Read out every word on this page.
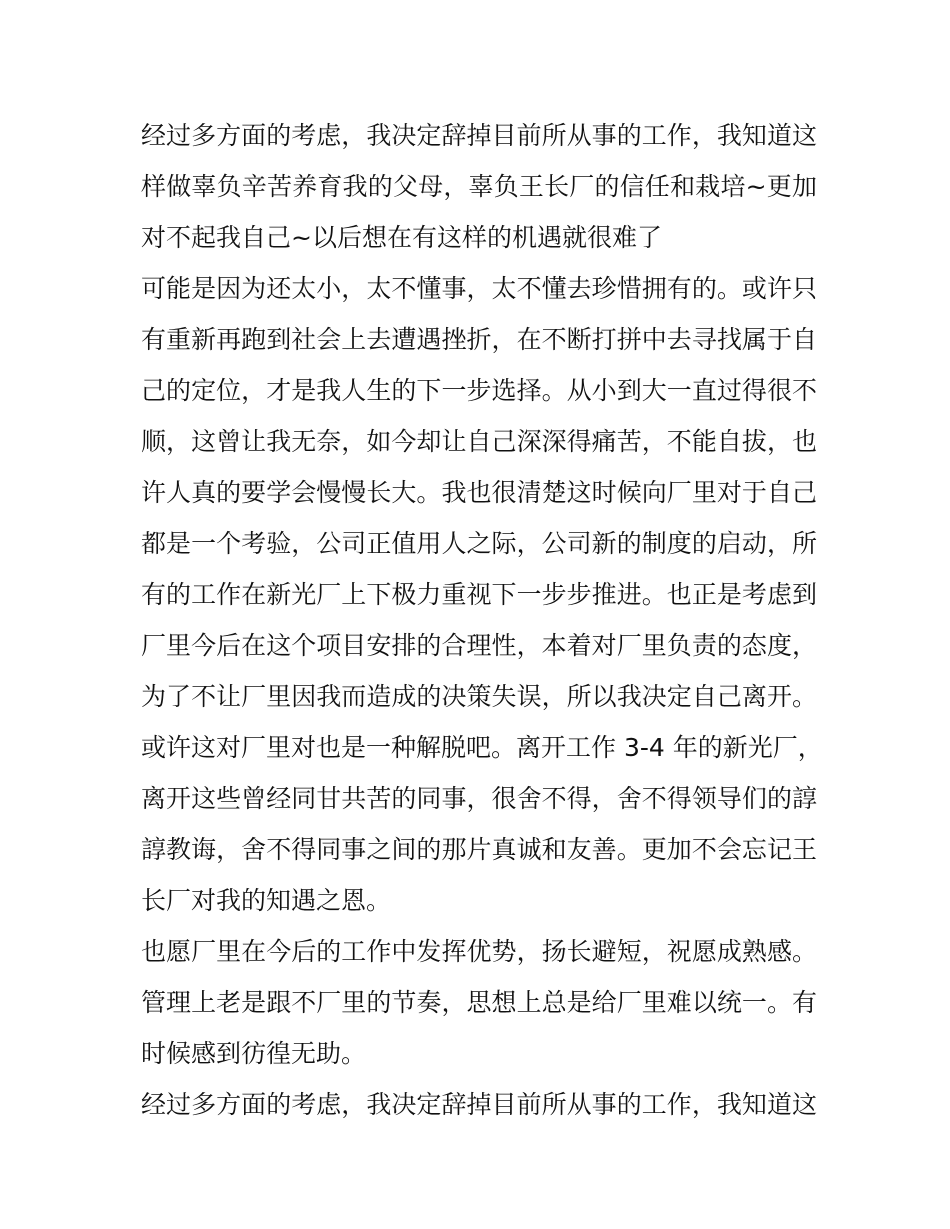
经过多方面的考虑，我决定辞掉目前所从事的工作，我知道这
样做辜负辛苦养育我的父母，辜负王长厂的信任和栽培~更加
对不起我自己~以后想在有这样的机遇就很难了
可能是因为还太小，太不懂事，太不懂去珍惜拥有的。或许只
有重新再跑到社会上去遭遇挫折，在不断打拼中去寻找属于自
己的定位，才是我人生的下一步选择。从小到大一直过得很不
顺，这曾让我无奈，如今却让自己深深得痛苦，不能自拔，也
许人真的要学会慢慢长大。我也很清楚这时候向厂里对于自己
都是一个考验，公司正值用人之际，公司新的制度的启动，所
有的工作在新光厂上下极力重视下一步步推进。也正是考虑到
厂里今后在这个项目安排的合理性，本着对厂里负责的态度，
为了不让厂里因我而造成的决策失误，所以我决定自己离开。
或许这对厂里对也是一种解脱吧。离开工作 3-4 年的新光厂，
离开这些曾经同甘共苦的同事，很舍不得，舍不得领导们的諄
諄教诲，舍不得同事之间的那片真诚和友善。更加不会忘记王
长厂对我的知遇之恩。
也愿厂里在今后的工作中发挥优势，扬长避短，祝愿成熟感。
管理上老是跟不厂里的节奏，思想上总是给厂里难以统一。有
时候感到彷徨无助。
经过多方面的考虑，我决定辞掉目前所从事的工作，我知道这
